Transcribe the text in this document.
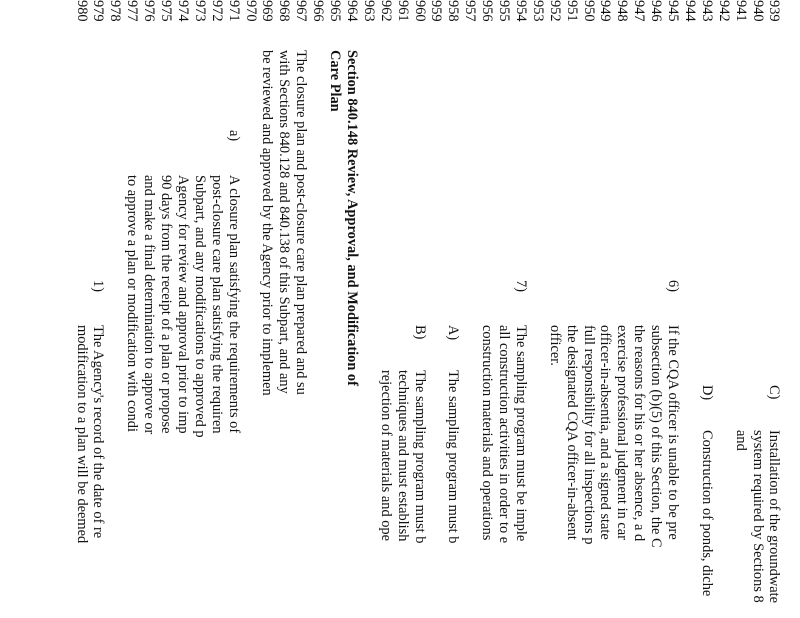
939
C)
Installation of the groundwate
940
system required by Sections 8
941
and
942
943
D)
Construction of ponds, diche
944
945
6)
If the CQA officer is unable to be pre
946
subsection (b)(5) of this Section, the C
947
the reasons for his or her absence, a d
948
exercise professional judgment in car
949
officer-in-absentia, and a signed state
950
full responsibility for all inspections p
951
the designated CQA officer-in-absent
952
officer.
953
954
7)
The sampling program must be imple
955
all construction activities in order to e
956
construction materials and operations
957
958
A)
The sampling program must b
959
960
B)
The sampling program must b
961
techniques and must establish
962
rejection of materials and ope
963
964
Section 840.148 Review, Approval, and Modification of
965
Care Plan
966
967
The closure plan and post-closure care plan prepared and su
968
with Sections 840.128 and 840.138 of this Subpart, and any
969
be reviewed and approved by the Agency prior to implemen
970
971
a)
A closure plan satisfying the requirements of
972
post-closure care plan satisfying the requiren
973
Subpart, and any modifications to approved p
974
Agency for review and approval prior to imp
975
90 days from the receipt of a plan or propose
976
and make a final determination to approve or
977
to approve a plan or modification with condi
978
979
1)
The Agency's record of the date of re
980
modification to a plan will be deemed
